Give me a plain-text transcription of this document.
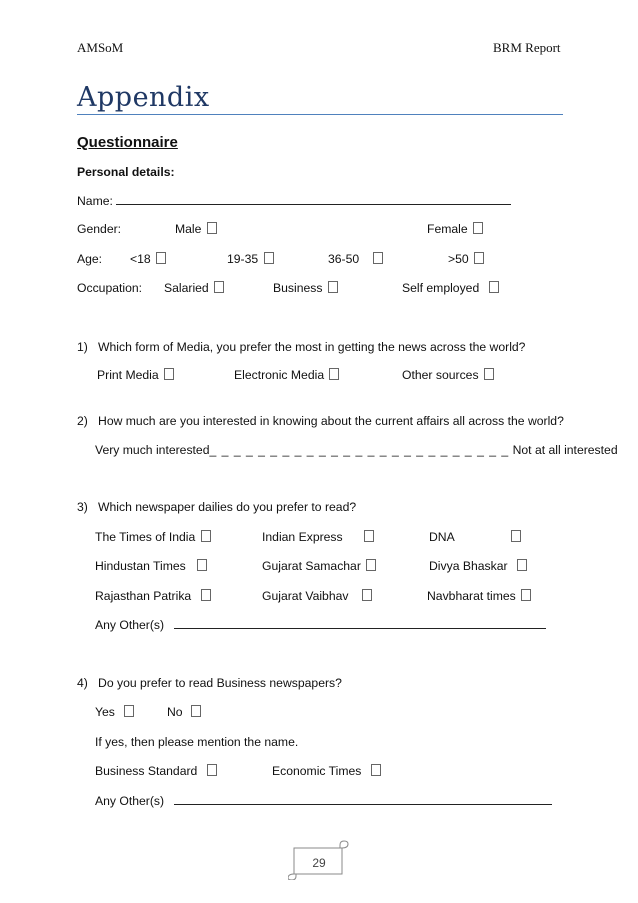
AMSoM	BRM Report
Appendix
Questionnaire
Personal details:
Name:
Gender:	Male	Female
Age: <18	19-35	36-50	>50
Occupation: Salaried	Business	Self employed
1) Which form of Media, you prefer the most in getting the news across the world?
Print Media	Electronic Media	Other sources
2) How much are you interested in knowing about the current affairs all across the world?
Very much interested_ _ _ _ _ _ _ _ _ _ _ _ _ _ _ _ _ _ _ _ _ _ _ _ _ Not at all interested
3) Which newspaper dailies do you prefer to read?
The Times of India	Indian Express	DNA
Hindustan Times	Gujarat Samachar	Divya Bhaskar
Rajasthan Patrika	Gujarat Vaibhav	Navbharat times
Any Other(s)
4) Do you prefer to read Business newspapers?
Yes	No
If yes, then please mention the name.
Business Standard	Economic Times
Any Other(s)
29
